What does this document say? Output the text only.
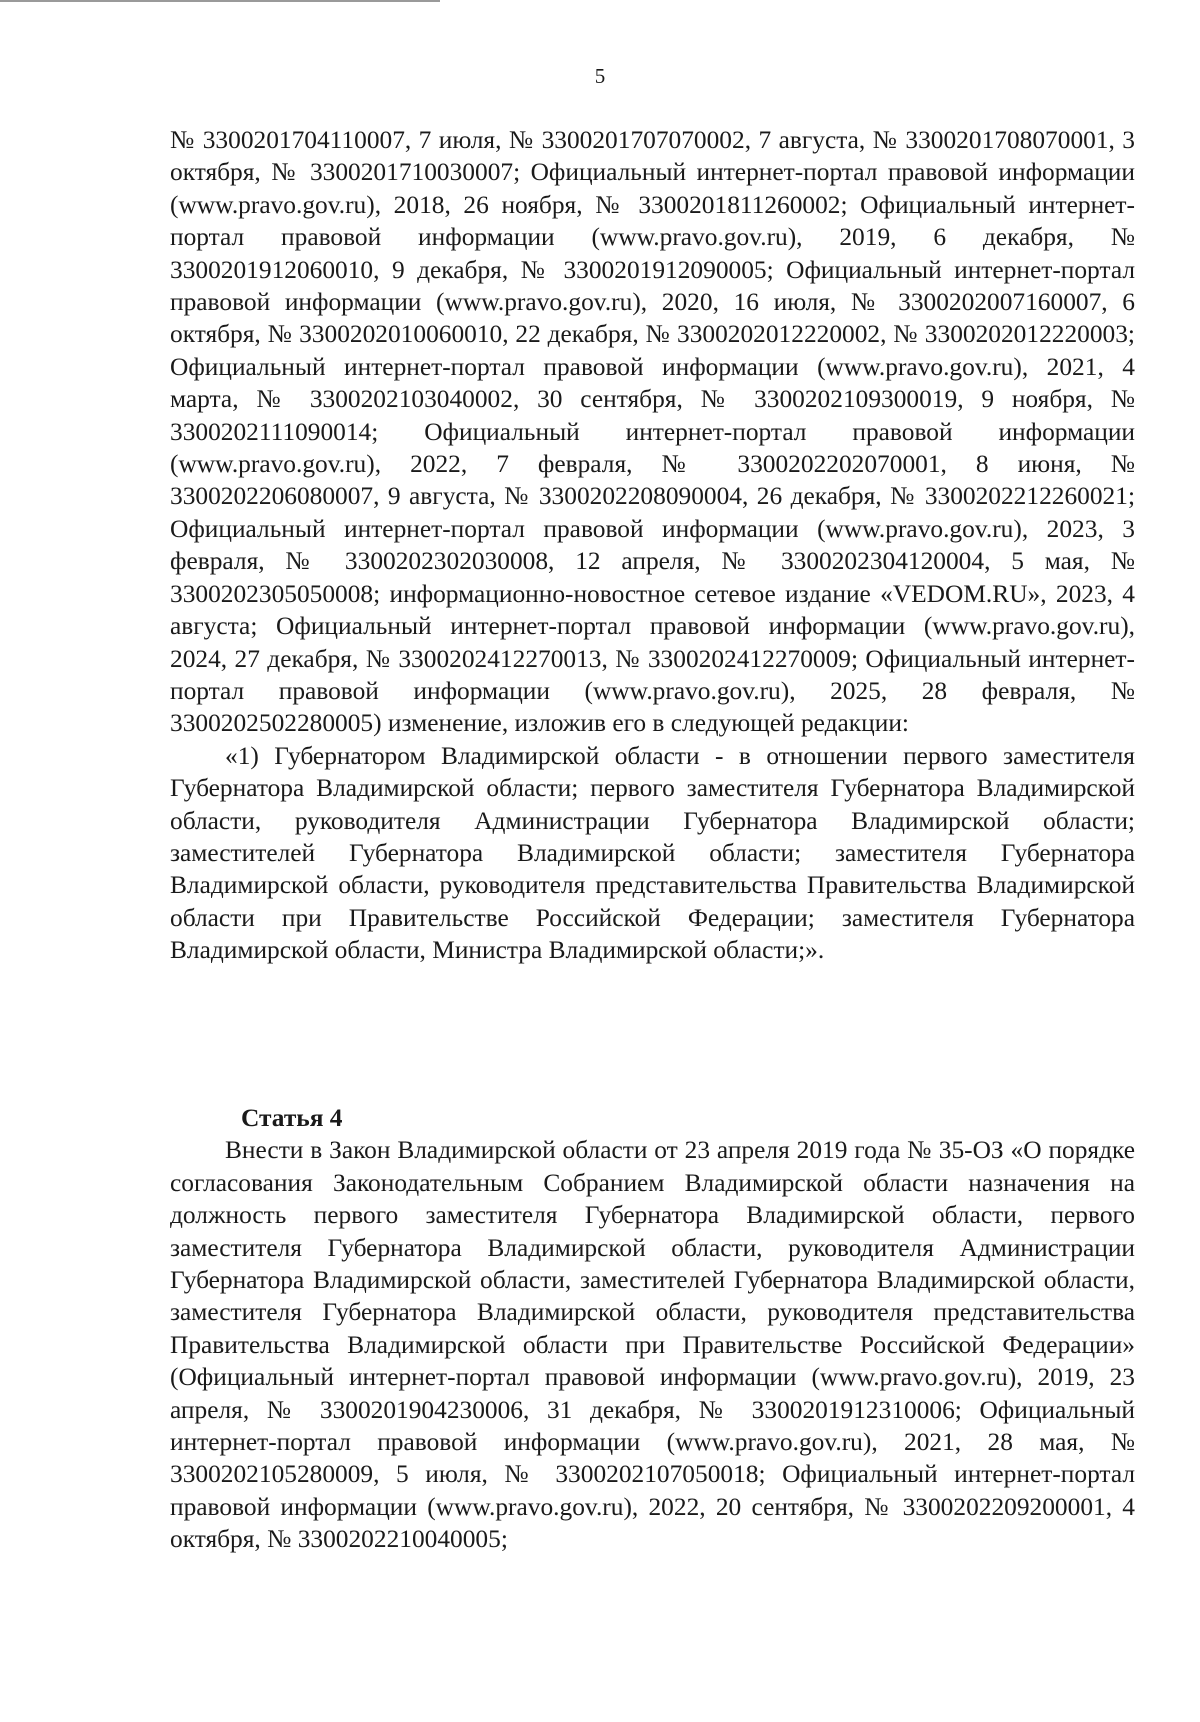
5

№ 3300201704110007, 7 июля, № 3300201707070002, 7 августа, № 3300201708070001, 3 октября, № 3300201710030007; Официальный интернет-портал правовой информации (www.pravo.gov.ru), 2018, 26 ноября, № 3300201811260002; Официальный интернет-портал правовой информации (www.pravo.gov.ru), 2019, 6 декабря, № 3300201912060010, 9 декабря, № 3300201912090005; Официальный интернет-портал правовой информации (www.pravo.gov.ru), 2020, 16 июля, № 3300202007160007, 6 октября, № 3300202010060010, 22 декабря, № 3300202012220002, № 3300202012220003; Официальный интернет-портал правовой информации (www.pravo.gov.ru), 2021, 4 марта, № 3300202103040002, 30 сентября, № 3300202109300019, 9 ноября, № 3300202111090014; Официальный интернет-портал правовой информации (www.pravo.gov.ru), 2022, 7 февраля, № 3300202202070001, 8 июня, № 3300202206080007, 9 августа, № 3300202208090004, 26 декабря, № 3300202212260021; Официальный интернет-портал правовой информации (www.pravo.gov.ru), 2023, 3 февраля, № 3300202302030008, 12 апреля, № 3300202304120004, 5 мая, № 3300202305050008; информационно-новостное сетевое издание «VEDOM.RU», 2023, 4 августа; Официальный интернет-портал правовой информации (www.pravo.gov.ru), 2024, 27 декабря, № 3300202412270013, № 3300202412270009; Официальный интернет-портал правовой информации (www.pravo.gov.ru), 2025, 28 февраля, № 3300202502280005) изменение, изложив его в следующей редакции:

«1) Губернатором Владимирской области - в отношении первого заместителя Губернатора Владимирской области; первого заместителя Губернатора Владимирской области, руководителя Администрации Губернатора Владимирской области; заместителей Губернатора Владимирской области; заместителя Губернатора Владимирской области, руководителя представительства Правительства Владимирской области при Правительстве Российской Федерации; заместителя Губернатора Владимирской области, Министра Владимирской области;».

Статья 4

Внести в Закон Владимирской области от 23 апреля 2019 года № 35-ОЗ «О порядке согласования Законодательным Собранием Владимирской области назначения на должность первого заместителя Губернатора Владимирской области, первого заместителя Губернатора Владимирской области, руководителя Администрации Губернатора Владимирской области, заместителей Губернатора Владимирской области, заместителя Губернатора Владимирской области, руководителя представительства Правительства Владимирской области при Правительстве Российской Федерации» (Официальный интернет-портал правовой информации (www.pravo.gov.ru), 2019, 23 апреля, № 3300201904230006, 31 декабря, № 3300201912310006; Официальный интернет-портал правовой информации (www.pravo.gov.ru), 2021, 28 мая, № 3300202105280009, 5 июля, № 3300202107050018; Официальный интернет-портал правовой информации (www.pravo.gov.ru), 2022, 20 сентября, № 3300202209200001, 4 октября, № 3300202210040005;
